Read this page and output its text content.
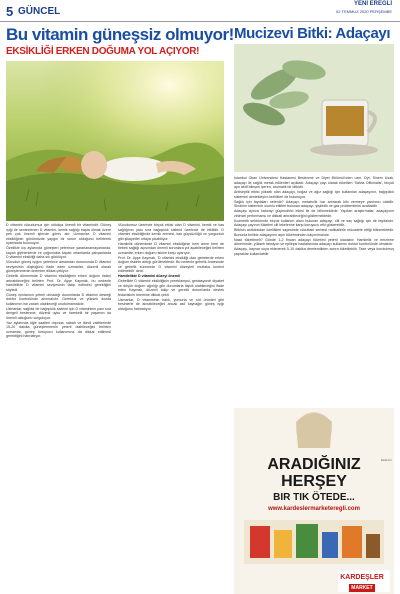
5 GÜNCEL
YENİ EREĞLİ
02 TEMMUZ 2020 PERŞEMBE
Bu vitamin güneşsiz olmuyor!
EKSİKLİĞİ ERKEN DOĞUMA YOL AÇIYOR!

D vitamini vücudumuz için oldukça önemli bir vitamindir. Güneş ışığı ile sentezlenen D vitamini, kemik sağlığı başta olmak üzere pek çok önemli işlevde görev alır. Uzmanlar, D vitamini eksikliğinin günümüzde yaygın bir sorun olduğunu belirterek uyarılarda bulunuyor.

Özellikle kış aylarında güneşten yeterince yararlanamayanlarda, kapalı giyinenlerde ve çoğunlukla kapalı ortamlarda çalışanlarda D vitamini eksikliği daha sık görülüyor.

Vücudun güneş ışığını yeterince almaması durumunda D vitamini seviyesinin düştüğünü ifade eden uzmanlar, düzenli olarak güneşlenmenin önemine dikkat çekiyor.

Gebelik döneminde D vitamini eksikliğinin erken doğum riskini artırabileceğini belirten Prof. Dr. Ayşe Kaymak, bu nedenle hamilelikte D vitamini seviyesinin takip edilmesi gerektiğini söyledi.

Güneş ışınlarının yeterli olmadığı durumlarda D vitamini desteği doktor kontrolünde alınmalıdır. Gereksiz ve yüksek dozda kullanımın ise zararlı olabileceği unutulmamalıdır.

Uzmanlar, sağlıklı bir bağışıklık sistemi için D vitamininin yanı sıra dengeli beslenme, düzenli uyku ve hareketli bir yaşamın da önemli olduğunu vurguluyor.

Yaz aylarında öğle saatleri dışında, sabah ve ikindi vakitlerinde 15-20 dakika güneşlenmenin yeterli olabileceğini belirten uzmanlar, güneş koruyucu kullanımına da dikkat edilmesi gerektiğini hatırlatıyor.

Vücudumuz üzerinde birçok etkisi olan D vitamini, kemik ve kas sağlığının yanı sıra bağışıklık sistemi üzerinde de etkilidir. D vitamini eksikliğinde kemik erimesi, kas güçsüzlüğü ve yorgunluk gibi şikayetler ortaya çıkabiliyor.

Hamilelik döneminde D vitamini eksikliğinin hem anne hem de bebek sağlığı açısından önemli sorunlara yol açabileceğini belirten uzmanlar, erken doğum riskine karşı uyarıyor.

Prof. Dr. Ayşe Kaymak, 'D vitamini eksikliği olan gebelerde erken doğum riskinin arttığı görülmektedir. Bu nedenle gebelik öncesinde ve gebelik sürecinde D vitamini düzeyleri mutlaka kontrol edilmelidir' dedi.

Hamilelikte D vitamini düzeyi önemli

Gebelikte D vitamini eksikliğinin preeklampsi, gestasyonel diyabet ve düşük doğum ağırlığı gibi durumlarla ilişkili olabileceğini ifade eden Kaymak, düzenli takip ve gerekli durumlarda destek tedavisinin önemine dikkat çekti.

Uzmanlar, D vitamininin balık, yumurta ve süt ürünleri gibi besinlerle de alınabileceğini ancak asıl kaynağın güneş ışığı olduğunu hatırlatıyor.

Mucizevi Bitki: Adaçayı

İstanbul Okan Üniversitesi Hastanesi Beslenme ve Diyet Bölümü'nden uzm. Dyt. Sinem Usak, adaçayı ile sağlık merak edilenleri açıkladı. Adaçayı çayı olarak tüketilen 'Salvia Officinalis', birçok ayrı aktif bileşen içeren, aromatik bir bitkidir.

Antiseptik etkisi yüksek olan adaçayı, boğaz ve ağız sağlığı için kullanılan adaçayının, bağışıklık sistemini destekleyici özellikleri de bulunuyor.

Sağlık için faydaları nelerdir? Adaçayı, metabolik hızı artırarak kilo vermeye yardımcı olabilir. Sindirim sistemine olumlu etkileri bulunan adaçayı, şişkinlik ve gaz problemlerini azaltabilir.

Adaçayı ayrıca hafızayı güçlendirici etkisi ile de bilinmektedir. Yapılan araştırmalar, adaçayının zihinsel performansı ve dikkati artırabileceğini göstermektedir.

Kozmetik sektöründe birçok kullanım alanı bulunan adaçayı, cilt ve saç sağlığı için de faydalıdır. Adaçayı çayının tüketimi cilt lekelerine karşı koruyucu etki gösterebilir.

Bitkinin antioksidan özellikleri sayesinde vücuttaki serbest radikallerle mücadele ettiği bilinmektedir. Bununla birlikte adaçayının aşırı tüketiminden kaçınılmalıdır.

Nasıl tüketilmeli? Günde 1-2 fincan adaçayı tüketimi yeterli olacaktır. Hamilelik ve emzirme döneminde, yüksek tansiyon ve epilepsi hastalarında adaçayı kullanımı doktor kontrolünde olmalıdır.

Adaçayı, kaynar suya eklenerek 5-10 dakika demlendikten sonra tüketilebilir. Taze veya kurutulmuş yapraklar kullanılabilir.

ARADIĞINIZ
HERŞEY
BIR TIK ÖTEDE...
www.kardeslermarketeregli.com
KARDEŞLER
MARKET
Reklam
